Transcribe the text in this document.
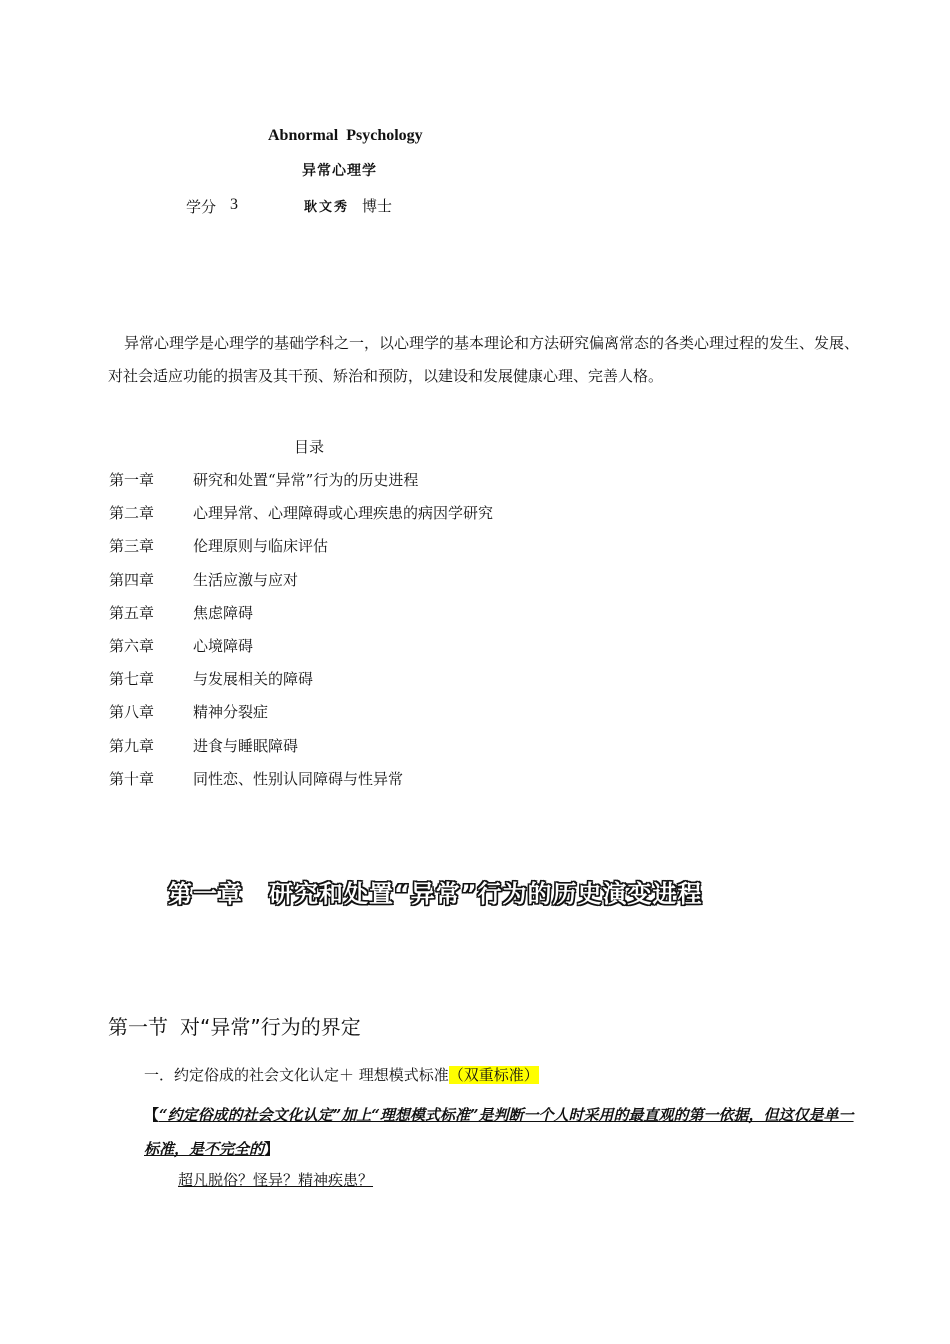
Abnormal Psychology
异常心理学
学分 3	耿文秀 博士

异常心理学是心理学的基础学科之一，以心理学的基本理论和方法研究偏离常态的各类心理过程的发生、发展、对社会适应功能的损害及其干预、矫治和预防，以建设和发展健康心理、完善人格。

目录
第一章	研究和处置“异常”行为的历史进程
第二章	心理异常、心理障碍或心理疾患的病因学研究
第三章	伦理原则与临床评估
第四章	生活应激与应对
第五章	焦虑障碍
第六章	心境障碍
第七章	与发展相关的障碍
第八章	精神分裂症
第九章	进食与睡眠障碍
第十章	同性恋、性别认同障碍与性异常
第一章 研究和处置“异常”行为的历史演变进程
第一节 对“异常”行为的界定
一．约定俗成的社会文化认定＋ 理想模式标准（双重标准）

【“约定俗成的社会文化认定”加上“理想模式标准”是判断一个人时采用的最直观的第一依据，但这仅是单一标准，是不完全的】

超凡脱俗？怪异？精神疾患？
